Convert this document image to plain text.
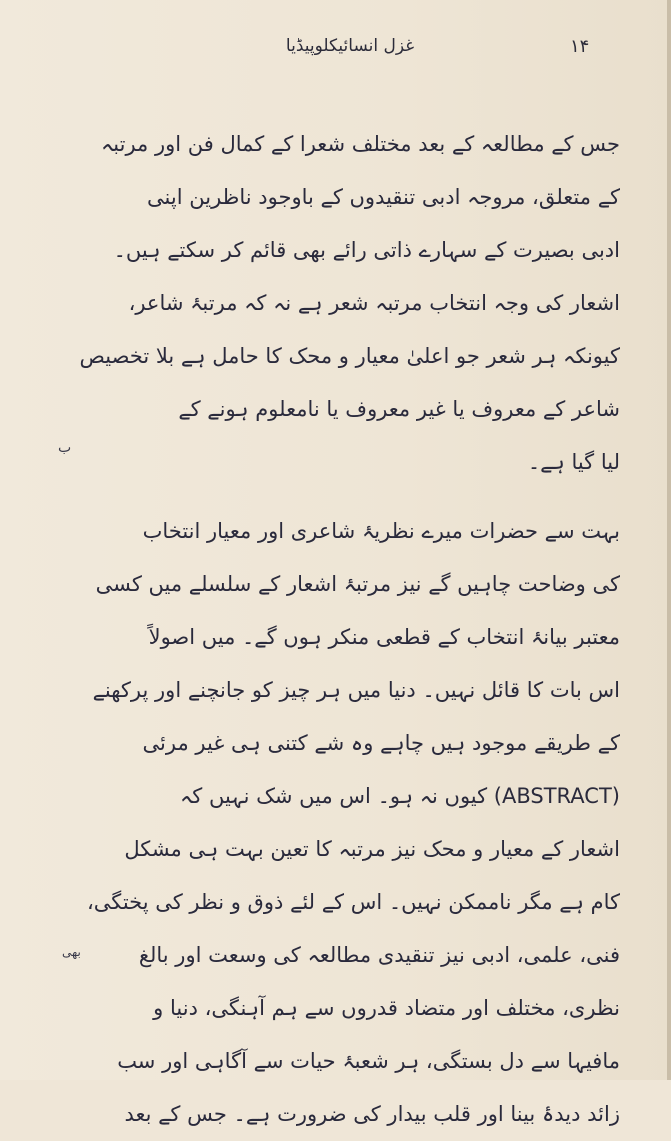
غزل انسائیکلوپیڈیا	۱۴
ب
بھی
جس کے مطالعہ کے بعد مختلف شعرا کے کمال فن اور مرتبہ
کے متعلق، مروجہ ادبی تنقیدوں کے باوجود ناظرین اپنی
ادبی بصیرت کے سہارے ذاتی رائے بھی قائم کر سکتے ہیں۔
اشعار کی وجہ انتخاب مرتبہ شعر ہے نہ کہ مرتبۂ شاعر،
کیونکہ ہر شعر جو اعلیٰ معیار و محک کا حامل ہے بلا تخصیص
شاعر کے معروف یا غیر معروف یا نامعلوم ہونے کے
لیا گیا ہے۔
بہت سے حضرات میرے نظریۂ شاعری اور معیار انتخاب
کی وضاحت چاہیں گے نیز مرتبۂ اشعار کے سلسلے میں کسی
معتبر بیانۂ انتخاب کے قطعی منکر ہوں گے۔ میں اصولاً
اس بات کا قائل نہیں۔ دنیا میں ہر چیز کو جانچنے اور پرکھنے
کے طریقے موجود ہیں چاہے وہ شے کتنی ہی غیر مرئی
(ABSTRACT) کیوں نہ ہو۔ اس میں شک نہیں کہ
اشعار کے معیار و محک نیز مرتبہ کا تعین بہت ہی مشکل
کام ہے مگر ناممکن نہیں۔ اس کے لئے ذوق و نظر کی پختگی،
فنی، علمی، ادبی نیز تنقیدی مطالعہ کی وسعت اور بالغ
نظری، مختلف اور متضاد قدروں سے ہم آہنگی، دنیا و
مافیہا سے دل بستگی، ہر شعبۂ حیات سے آگاہی اور سب
زائد دیدۂ بینا اور قلب بیدار کی ضرورت ہے۔ جس کے بعد
